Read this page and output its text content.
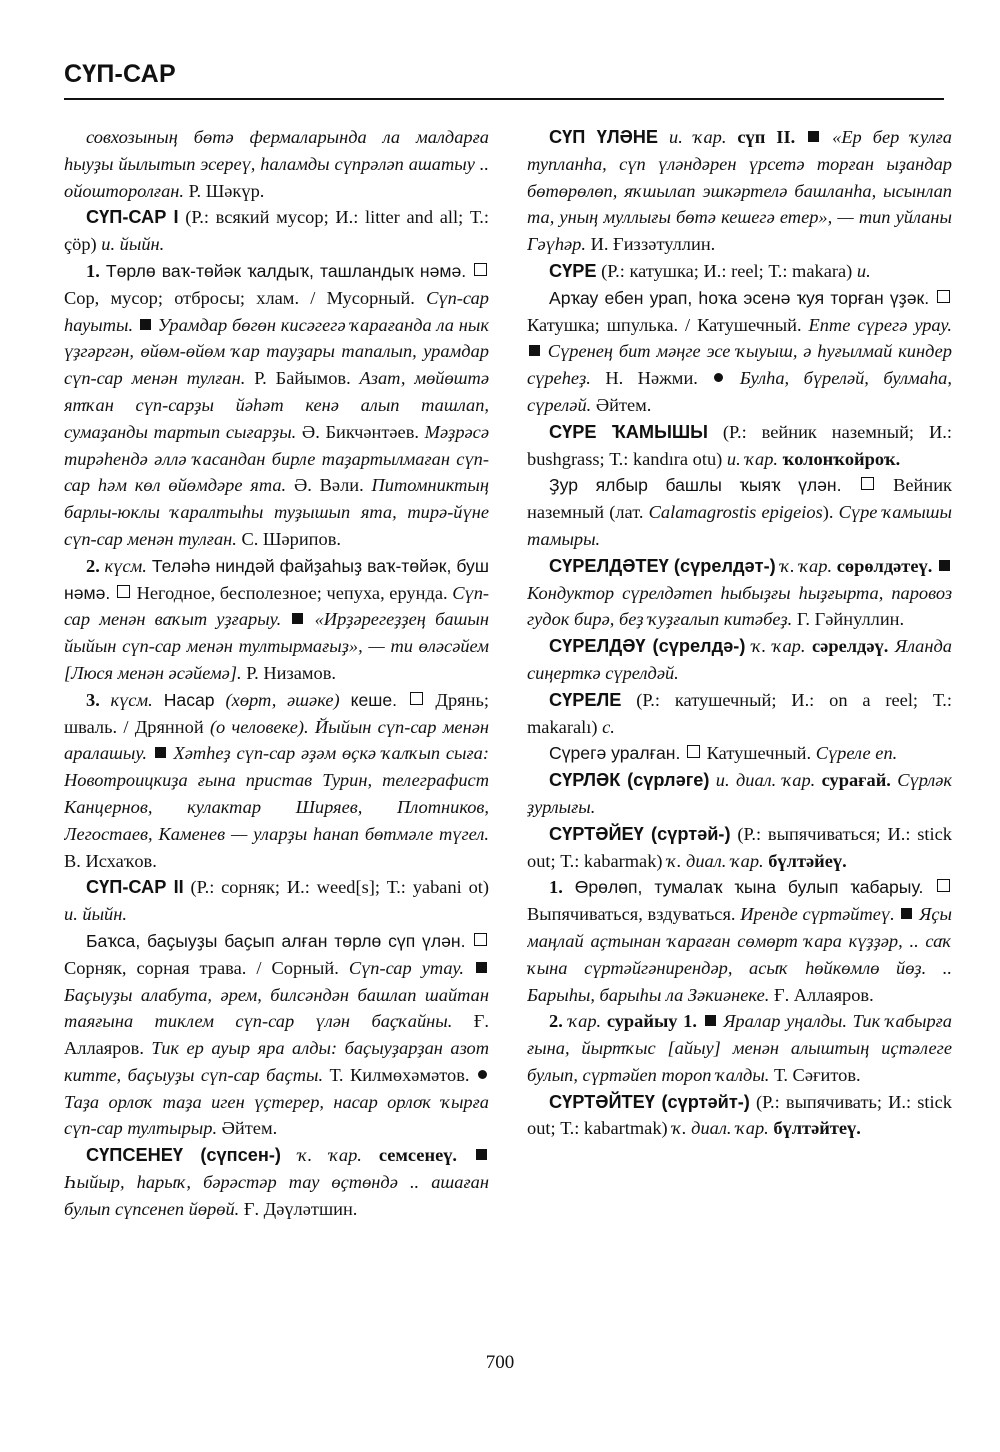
СҮП-САР

совхозының бөтә фермаларында ла малдарға һыуҙы йылытып эсереү, һаламды сүпрәләп ашатыу .. ойошторолған. Р. Шәкүр.

СҮП-САР I (Р.: всякий мусор; И.: litter and all; Т.: çöp) и. йыйн.

1. Төрлө ваҡ-төйәк ҡалдыҡ, ташландыҡ нәмә.  Сор, мусор; отбросы; хлам. / Мусорный. Сүп-сар һауыты. Урамдар бөгөн кисәгегә ҡарағанда ла нык үҙгәргән, өйөм-өйөм ҡар тауҙары тапалып, урамдар сүп-сар менән тулған. Р. Байымов. Азат, мөйөштә ятҡан сүп-сарҙы йәһәт кенә алып ташлап, сумаҙанды тартып сығарҙы. Ә. Бикчәнтәев. Мәҙрәсә тирәһендә әллә ҡасандан бирле таҙартылмаған сүп-сар һәм көл өйөмдәре ята. Ә. Вәли. Питомниктың барлы-юклы ҡаралтыһы туҙышып ята, тирә-йүне сүп-сар менән тулған. С. Шәрипов.

2. күсм. Теләһә ниндәй файҙаһыҙ ваҡ-төйәк, буш нәмә. Негодное, бесполезное; чепуха, ерунда. Сүп-сар менән ваҡыт уҙғарыу. «Ирҙәрегеҙҙең башын йыйын сүп-сар менән тултырмағыҙ», — ти өләсәйем [Люся менән әсәйемә]. Р. Низамов.

3. күсм. Насар (хөрт, әшәке) кеше. Дрянь; шваль. / Дрянной (о человеке). Йыйын сүп-сар менән аралашыу. Хәтһеҙ сүп-сар әҙәм өҫкә ҡалҡып сыға: Новотроицкиҙа ғына пристав Турин, телеграфист Канцернов, кулактар Ширяев, Плотников, Легостаев, Каменев — уларҙы һанап бөтмәле түгел. В. Исхаҡов.

СҮП-САР II (Р.: сорняк; И.: weed[s]; Т.: yabani ot) и. йыйн.

Баҡса, баҫыуҙы баҫып алған төрлө сүп үлән.  Сорняк, сорная трава. / Сорный. Сүп-сар утау.  Баҫыуҙы алабута, әрем, билсәндән башлап шайтан таяғына тиклем сүп-сар үлән баҫҡайны. Ғ. Аллаяров. Тик ер ауыр яра алды: баҫыуҙарҙан азот китте, баҫыуҙы сүп-сар баҫты. Т. Килмөхәмәтов.  Таҙа орлоҡ таҙа иген үҫтерер, насар орлоҡ ҡырға сүп-сар тултырыр. Әйтем.

СҮПСЕНЕҮ (сүпсен-) ҡ. ҡар. семсенеү.  Һыйыр, һарыҡ, бәрәстәр тау өҫтөндә .. ашаған булып сүпсенеп йөрөй. Ғ. Дәүләтшин.

СҮП ҮЛӘНЕ и. ҡар. сүп II. «Ер бер ҡулға тупланһа, сүп үләндәрен үрсетә торған ыҙандар бөтөрөлөп, яҡшылап эшкәртелә башланһа, ысынлап та, уның муллығы бөтә кешегә етер», — тип уйланы Гәүһәр. И. Ғиззәтуллин.

СҮРЕ (Р.: катушка; И.: reel; Т.: makara) и.

Арҡау ебен урап, һоҡа эсенә ҡуя торған үҙәк.  Катушка; шпулька. / Катушечный. Епте сүрегә урау.  Сүренең бит мәңге эсе ҡыуыш, ә һуғылмай киндер сүреһеҙ. Н. Нәжми. Булһа, бүреләй, булмаһа, сүреләй. Әйтем.

СҮРЕ ҠАМЫШЫ (Р.: вейник наземный; И.: bushgrass; Т.: kandıra otu) и. ҡар. ҡолонҡойроҡ.

Ҙур ялбыр башлы ҡыяҡ үлән.	Вейник наземный (лат. Calamagrostis epigeios). Сүре ҡамышы тамыры.

СҮРЕЛДӘТЕҮ (сүрелдәт-) ҡ. ҡар. сөрөлдәтеү.  Кондуктор сүрелдәтеп һыбыҙғы һыҙғырта, паровоз гудок бирә, беҙ ҡуҙғалып китәбеҙ. Г. Гәйнуллин.

СҮРЕЛДӘҮ (сүрелдә-) ҡ. ҡар. сәрелдәү. Яланда сиңерткә сүрелдәй.

СҮРЕЛЕ (Р.: катушечный; И.: on a reel; Т.: makaralı) с.

Сүрегә уралған. Катушечный. Сүреле еп.

СҮРЛӘК (сүрләге) и. диал. ҡар. сурағай. Сүрләк ҙурлығы.

СҮРТӘЙЕҮ (сүртәй-) (Р.: выпячиваться; И.: stick out; Т.: kabarmak) ҡ. диал. ҡар. бүлтәйеү.

1. Өрөлөп, тумалаҡ ҡына булып ҡабарыу.  Выпячиваться, вздуваться. Иренде сүртәйтеү. Яҫы маңлай аҫтынан ҡараған сөмөрт ҡара күҙҙәр, .. саҡ ҡына сүртәйгәнирендәр, асыҡ һөйкөмлө йөҙ. .. Барыһы, барыһы ла Зәкиәнеке. Ғ. Аллаяров.

2. ҡар. сурайыу 1. Яралар уңалды. Тик ҡабырға ғына, йыртҡыс [айыу] менән алыштың иҫтәлеге булып, сүртәйеп тороп ҡалды. Т. Сәғитов.

СҮРТӘЙТЕҮ (сүртәйт-) (Р.: выпячивать; И.: stick out; Т.: kabartmak) ҡ. диал. ҡар. бүлтәйтеү.

700
